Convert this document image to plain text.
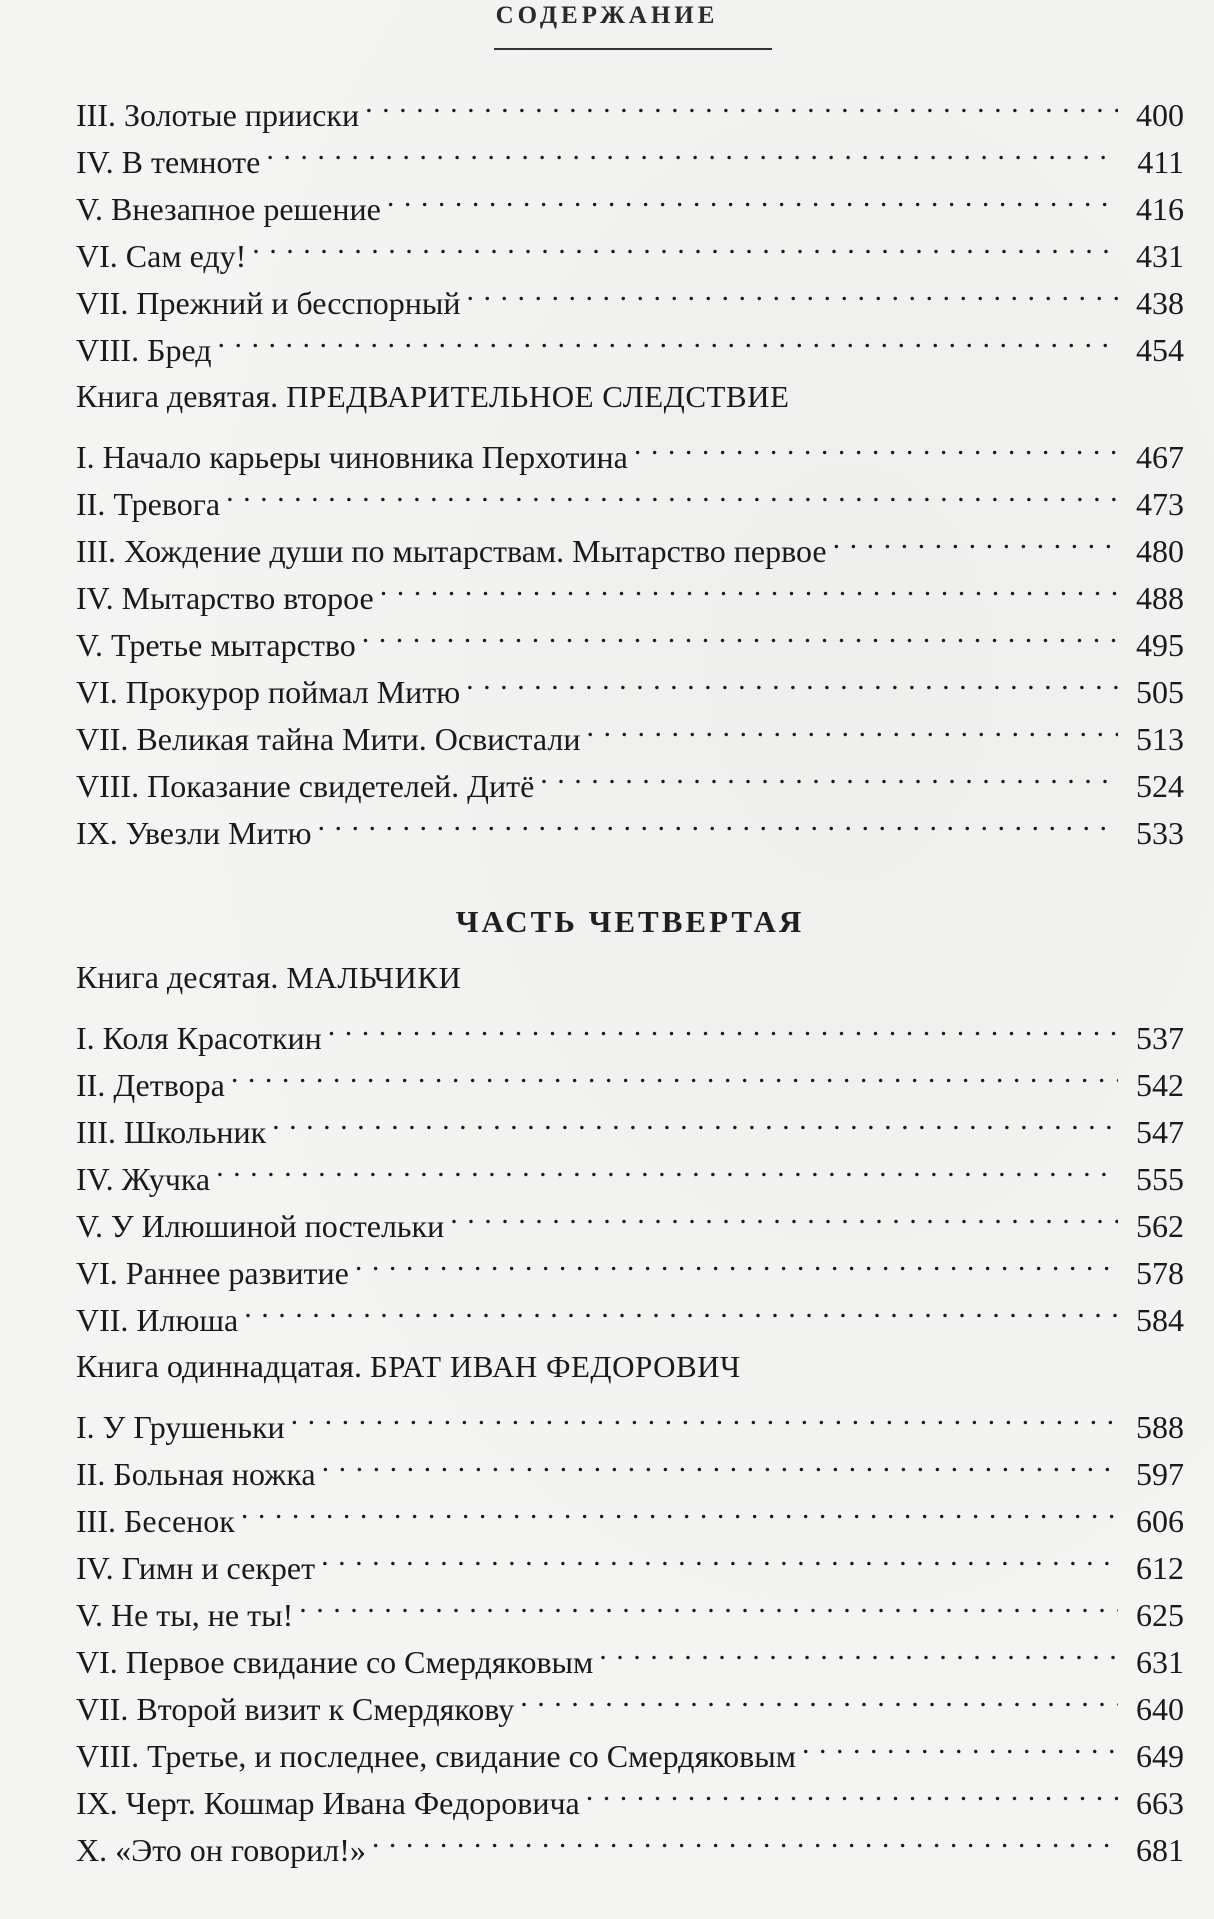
СОДЕРЖАНИЕ
III. Золотые прииски . . .	400
IV. В темноте . . .	411
V. Внезапное решение . . .	416
VI. Сам еду! . . .	431
VII. Прежний и бесспорный . . .	438
VIII. Бред . . .	454
Книга девятая. ПРЕДВАРИТЕЛЬНОЕ СЛЕДСТВИЕ
I. Начало карьеры чиновника Перхотина . . .	467
II. Тревога . . .	473
III. Хождение души по мытарствам. Мытарство первое . . .	480
IV. Мытарство второе . . .	488
V. Третье мытарство . . .	495
VI. Прокурор поймал Митю . . .	505
VII. Великая тайна Мити. Освистали . . .	513
VIII. Показание свидетелей. Дитё . . .	524
IX. Увезли Митю . . .	533
ЧАСТЬ ЧЕТВЕРТАЯ
Книга десятая. МАЛЬЧИКИ
I. Коля Красоткин . . .	537
II. Детвора . . .	542
III. Школьник . . .	547
IV. Жучка . . .	555
V. У Илюшиной постельки . . .	562
VI. Раннее развитие . . .	578
VII. Илюша . . .	584
Книга одиннадцатая. БРАТ ИВАН ФЕДОРОВИЧ
I. У Грушеньки . . .	588
II. Больная ножка . . .	597
III. Бесенок . . .	606
IV. Гимн и секрет . . .	612
V. Не ты, не ты! . . .	625
VI. Первое свидание со Смердяковым . . .	631
VII. Второй визит к Смердякову . . .	640
VIII. Третье, и последнее, свидание со Смердяковым . . .	649
IX. Черт. Кошмар Ивана Федоровича . . .	663
X. «Это он говорил!» . . .	681
